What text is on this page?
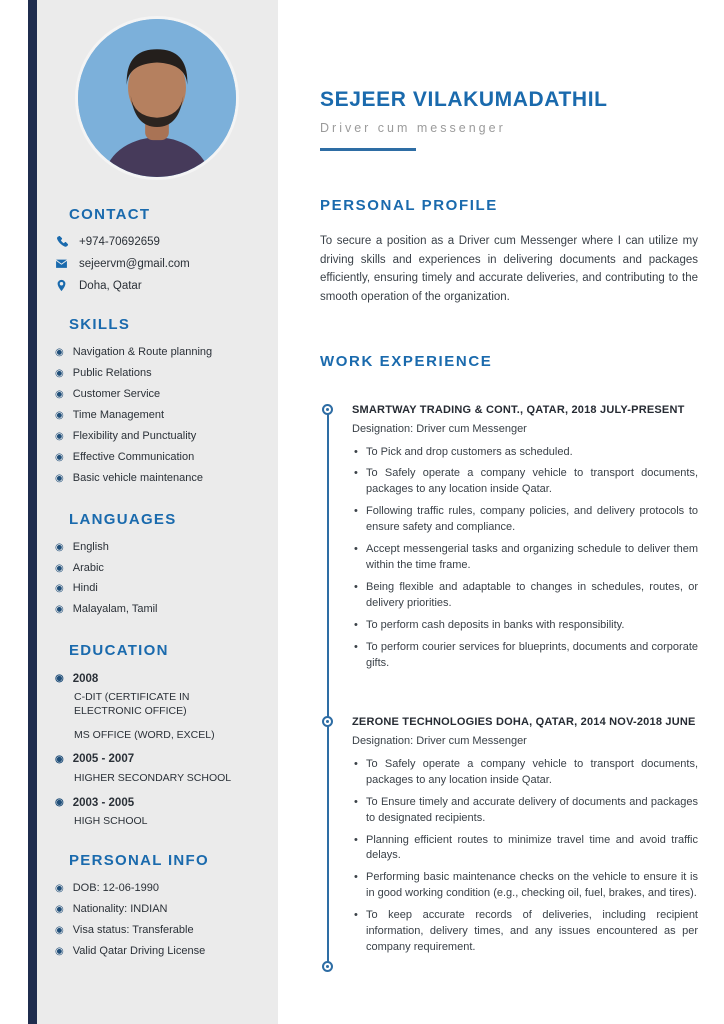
CONTACT
+974-70692659
sejeervm@gmail.com
Doha, Qatar
SKILLS
◉ Navigation & Route planning
◉ Public Relations
◉ Customer Service
◉ Time Management
◉ Flexibility and Punctuality
◉ Effective Communication
◉ Basic vehicle maintenance
LANGUAGES
◉ English
◉ Arabic
◉ Hindi
◉ Malayalam, Tamil
EDUCATION
◉ 2008
C-DIT (CERTIFICATE IN ELECTRONIC OFFICE)
MS OFFICE (WORD, EXCEL)
◉ 2005 - 2007
HIGHER SECONDARY SCHOOL
◉ 2003 - 2005
HIGH SCHOOL
PERSONAL INFO
◉ DOB: 12-06-1990
◉ Nationality: INDIAN
◉ Visa status: Transferable
◉ Valid Qatar Driving License
SEJEER VILAKUMADATHIL
Driver cum messenger
PERSONAL PROFILE

To secure a position as a Driver cum Messenger where I can utilize my driving skills and experiences in delivering documents and packages efficiently, ensuring timely and accurate deliveries, and contributing to the smooth operation of the organization.

WORK EXPERIENCE
SMARTWAY TRADING & CONT., QATAR, 2018 JULY-PRESENT
Designation: Driver cum Messenger
• To Pick and drop customers as scheduled.
• To Safely operate a company vehicle to transport documents, packages to any location inside Qatar.
• Following traffic rules, company policies, and delivery protocols to ensure safety and compliance.
• Accept messengerial tasks and organizing schedule to deliver them within the time frame.
• Being flexible and adaptable to changes in schedules, routes, or delivery priorities.
• To perform cash deposits in banks with responsibility.
• To perform courier services for blueprints, documents and corporate gifts.
ZERONE TECHNOLOGIES DOHA, QATAR, 2014 NOV-2018 JUNE
Designation: Driver cum Messenger
• To Safely operate a company vehicle to transport documents, packages to any location inside Qatar.
• To Ensure timely and accurate delivery of documents and packages to designated recipients.
• Planning efficient routes to minimize travel time and avoid traffic delays.
• Performing basic maintenance checks on the vehicle to ensure it is in good working condition (e.g., checking oil, fuel, brakes, and tires).
• To keep accurate records of deliveries, including recipient information, delivery times, and any issues encountered as per company requirement.
